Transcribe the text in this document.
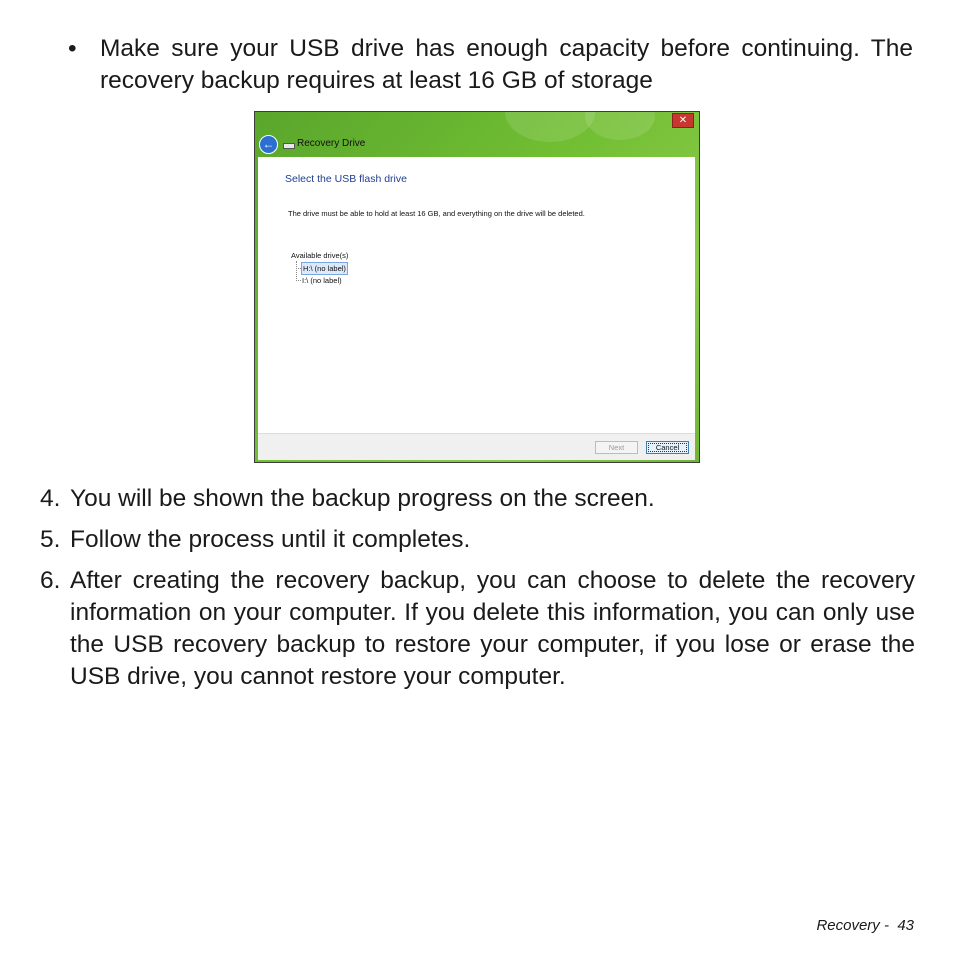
• Make sure your USB drive has enough capacity before continuing. The recovery backup requires at least 16 GB of storage
✕
←	Recovery Drive
Select the USB flash drive
The drive must be able to hold at least 16 GB, and everything on the drive will be deleted.
Available drive(s)
H:\ (no label)
I:\ (no label)
Next	Cancel
4. You will be shown the backup progress on the screen.
5. Follow the process until it completes.
6. After creating the recovery backup, you can choose to delete the recovery information on your computer. If you delete this information, you can only use the USB recovery backup to restore your computer, if you lose or erase the USB drive, you cannot restore your computer.
Recovery - 43
